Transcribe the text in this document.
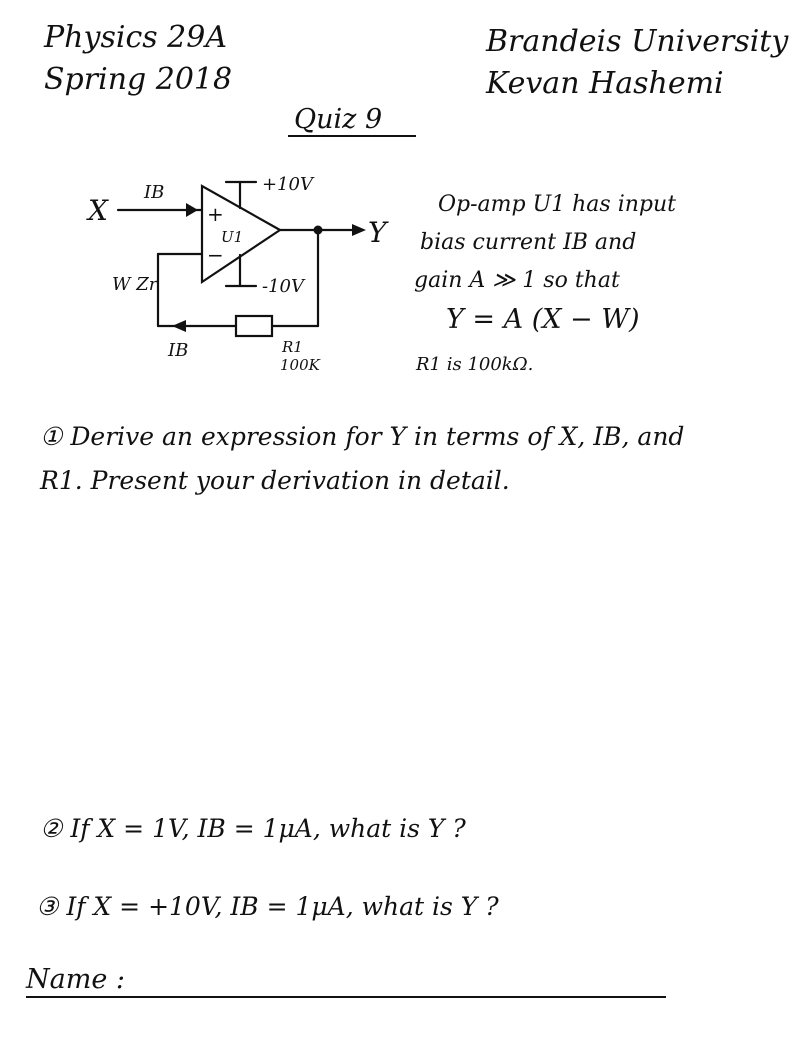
Physics 29A
Spring 2018
Brandeis University
Kevan Hashemi
Quiz 9
X
IB	+10V
+
−
U1	Y
-10V
W Zr
IB	R1
100K
Op-amp U1 has input
bias current IB and
gain A ≫ 1 so that
Y = A (X − W)
R1 is 100kΩ.
① Derive an expression for Y in terms of X, IB, and
R1. Present your derivation in detail.
② If X = 1V, IB = 1μA, what is Y ?
③ If X = +10V, IB = 1μA, what is Y ?
Name :
